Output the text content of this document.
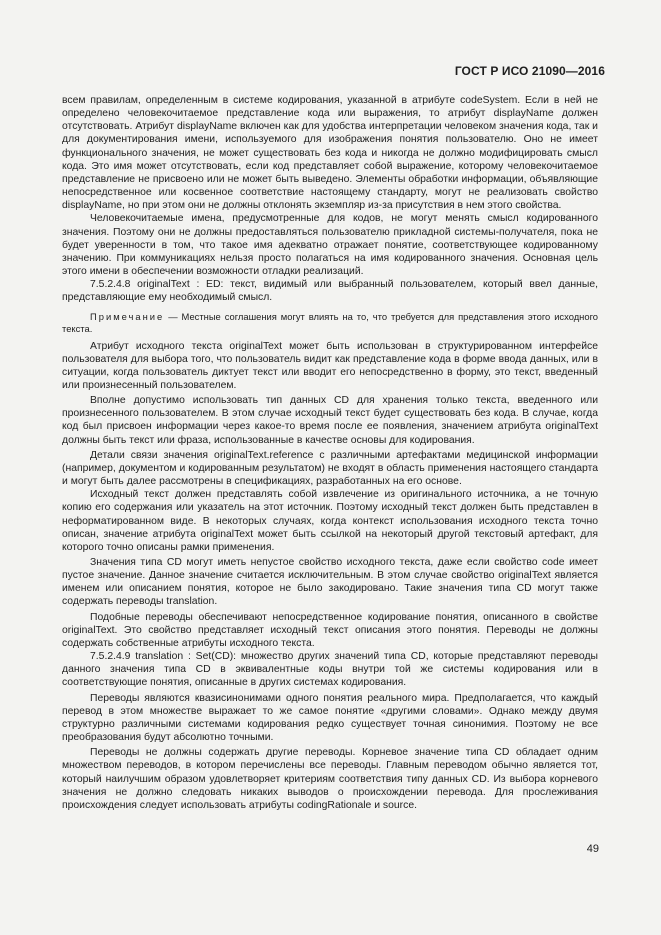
ГОСТ Р ИСО 21090—2016

всем правилам, определенным в системе кодирования, указанной в атрибуте codeSystem. Если в ней не определено человекочитаемое представление кода или выражения, то атрибут displayName должен отсутствовать. Атрибут displayName включен как для удобства интерпретации человеком значения кода, так и для документирования имени, используемого для изображения понятия пользователю. Оно не имеет функционального значения, не может существовать без кода и никогда не должно модифицировать смысл кода. Это имя может отсутствовать, если код представляет собой выражение, которому человекочитаемое представление не присвоено или не может быть выведено. Элементы обработки информации, объявляющие непосредственное или косвенное соответствие настоящему стандарту, могут не реализовать свойство displayName, но при этом они не должны отклонять экземпляр из-за присутствия в нем этого свойства.

Человекочитаемые имена, предусмотренные для кодов, не могут менять смысл кодированного значения. Поэтому они не должны предоставляться пользователю прикладной системы-получателя, пока не будет уверенности в том, что такое имя адекватно отражает понятие, соответствующее кодированному значению. При коммуникациях нельзя просто полагаться на имя кодированного значения. Основная цель этого имени в обеспечении возможности отладки реализаций.

7.5.2.4.8 originalText : ED: текст, видимый или выбранный пользователем, который ввел данные, представляющие ему необходимый смысл.

Примечание — Местные соглашения могут влиять на то, что требуется для представления этого исходного текста.

Атрибут исходного текста originalText может быть использован в структурированном интерфейсе пользователя для выбора того, что пользователь видит как представление кода в форме ввода данных, или в ситуации, когда пользователь диктует текст или вводит его непосредственно в форму, это текст, введенный или произнесенный пользователем.

Вполне допустимо использовать тип данных CD для хранения только текста, введенного или произнесенного пользователем. В этом случае исходный текст будет существовать без кода. В случае, когда код был присвоен информации через какое-то время после ее появления, значением атрибута originalText должны быть текст или фраза, использованные в качестве основы для кодирования.

Детали связи значения originalText.reference с различными артефактами медицинской информации (например, документом и кодированным результатом) не входят в область применения настоящего стандарта и могут быть далее рассмотрены в спецификациях, разработанных на его основе.

Исходный текст должен представлять собой извлечение из оригинального источника, а не точную копию его содержания или указатель на этот источник. Поэтому исходный текст должен быть представлен в неформатированном виде. В некоторых случаях, когда контекст использования исходного текста точно описан, значение атрибута originalText может быть ссылкой на некоторый другой текстовый артефакт, для которого точно описаны рамки применения.

Значения типа CD могут иметь непустое свойство исходного текста, даже если свойство code имеет пустое значение. Данное значение считается исключительным. В этом случае свойство originalText является именем или описанием понятия, которое не было закодировано. Такие значения типа CD могут также содержать переводы translation.

Подобные переводы обеспечивают непосредственное кодирование понятия, описанного в свойстве originalText. Это свойство представляет исходный текст описания этого понятия. Переводы не должны содержать собственные атрибуты исходного текста.

7.5.2.4.9 translation : Set(CD): множество других значений типа CD, которые представляют переводы данного значения типа CD в эквивалентные коды внутри той же системы кодирования или в соответствующие понятия, описанные в других системах кодирования.

Переводы являются квазисинонимами одного понятия реального мира. Предполагается, что каждый перевод в этом множестве выражает то же самое понятие «другими словами». Однако между двумя структурно различными системами кодирования редко существует точная синонимия. Поэтому не все преобразования будут абсолютно точными.

Переводы не должны содержать другие переводы. Корневое значение типа CD обладает одним множеством переводов, в котором перечислены все переводы. Главным переводом обычно является тот, который наилучшим образом удовлетворяет критериям соответствия типу данных CD. Из выбора корневого значения не должно следовать никаких выводов о происхождении перевода. Для прослеживания происхождения следует использовать атрибуты codingRationale и source.

49
